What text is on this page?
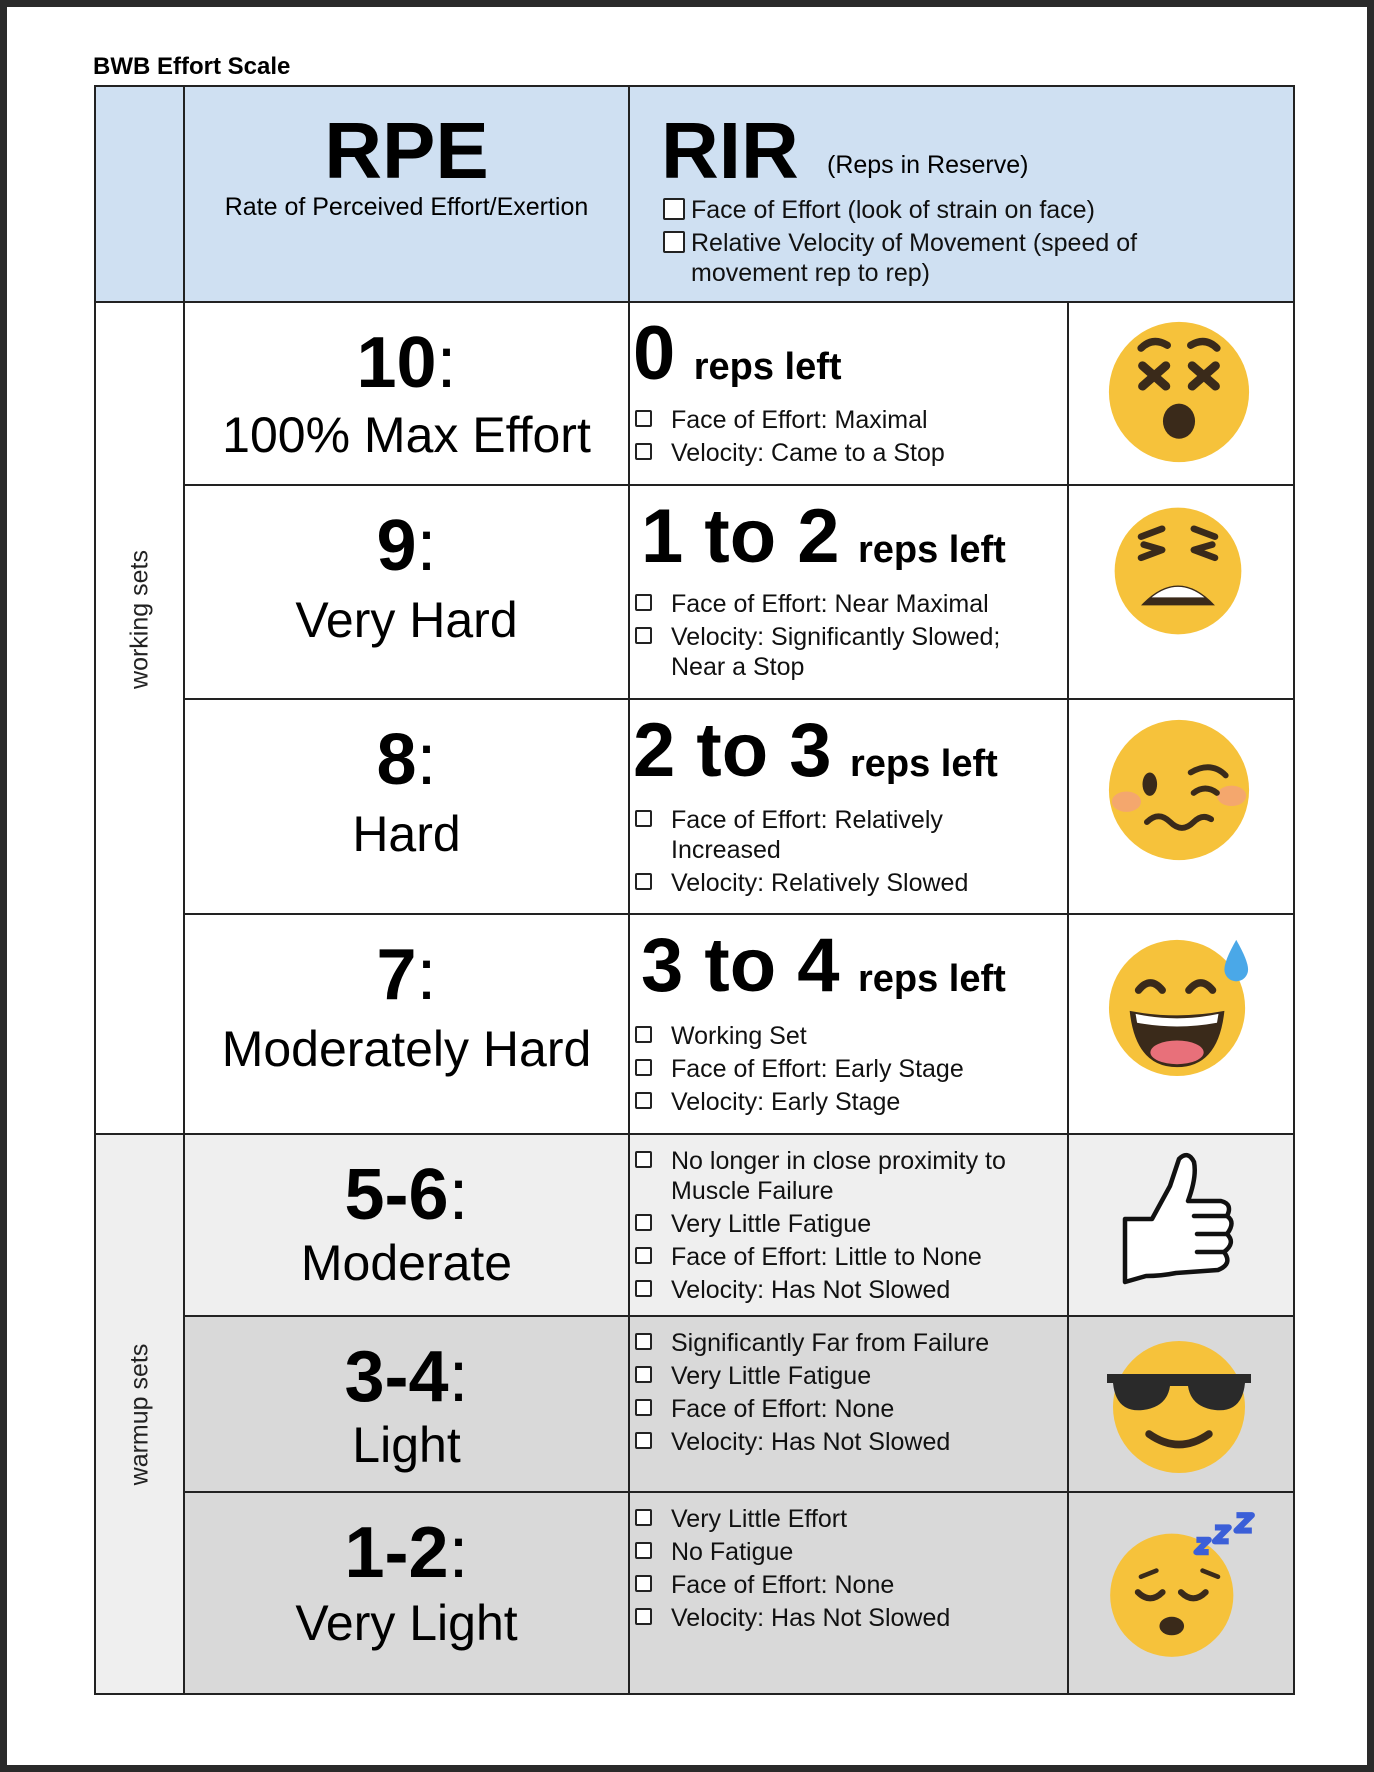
BWB Effort Scale
RPE
Rate of Perceived Effort/Exertion
RIR (Reps in Reserve)
Face of Effort (look of strain on face)
Relative Velocity of Movement (speed of movement rep to rep)
working sets
warmup sets
10:
100% Max Effort
0 reps left
Face of Effort: Maximal
Velocity: Came to a Stop
9:
Very Hard
1 to 2 reps left
Face of Effort: Near Maximal
Velocity: Significantly Slowed; Near a Stop
8:
Hard
2 to 3 reps left
Face of Effort: Relatively Increased
Velocity: Relatively Slowed
7:
Moderately Hard
3 to 4 reps left
Working Set
Face of Effort: Early Stage
Velocity: Early Stage
5-6:
Moderate
No longer in close proximity to Muscle Failure
Very Little Fatigue
Face of Effort: Little to None
Velocity: Has Not Slowed
3-4:
Light
Significantly Far from Failure
Very Little Fatigue
Face of Effort: None
Velocity: Has Not Slowed
1-2:
Very Light
Very Little Effort
No Fatigue
Face of Effort: None
Velocity: Has Not Slowed
